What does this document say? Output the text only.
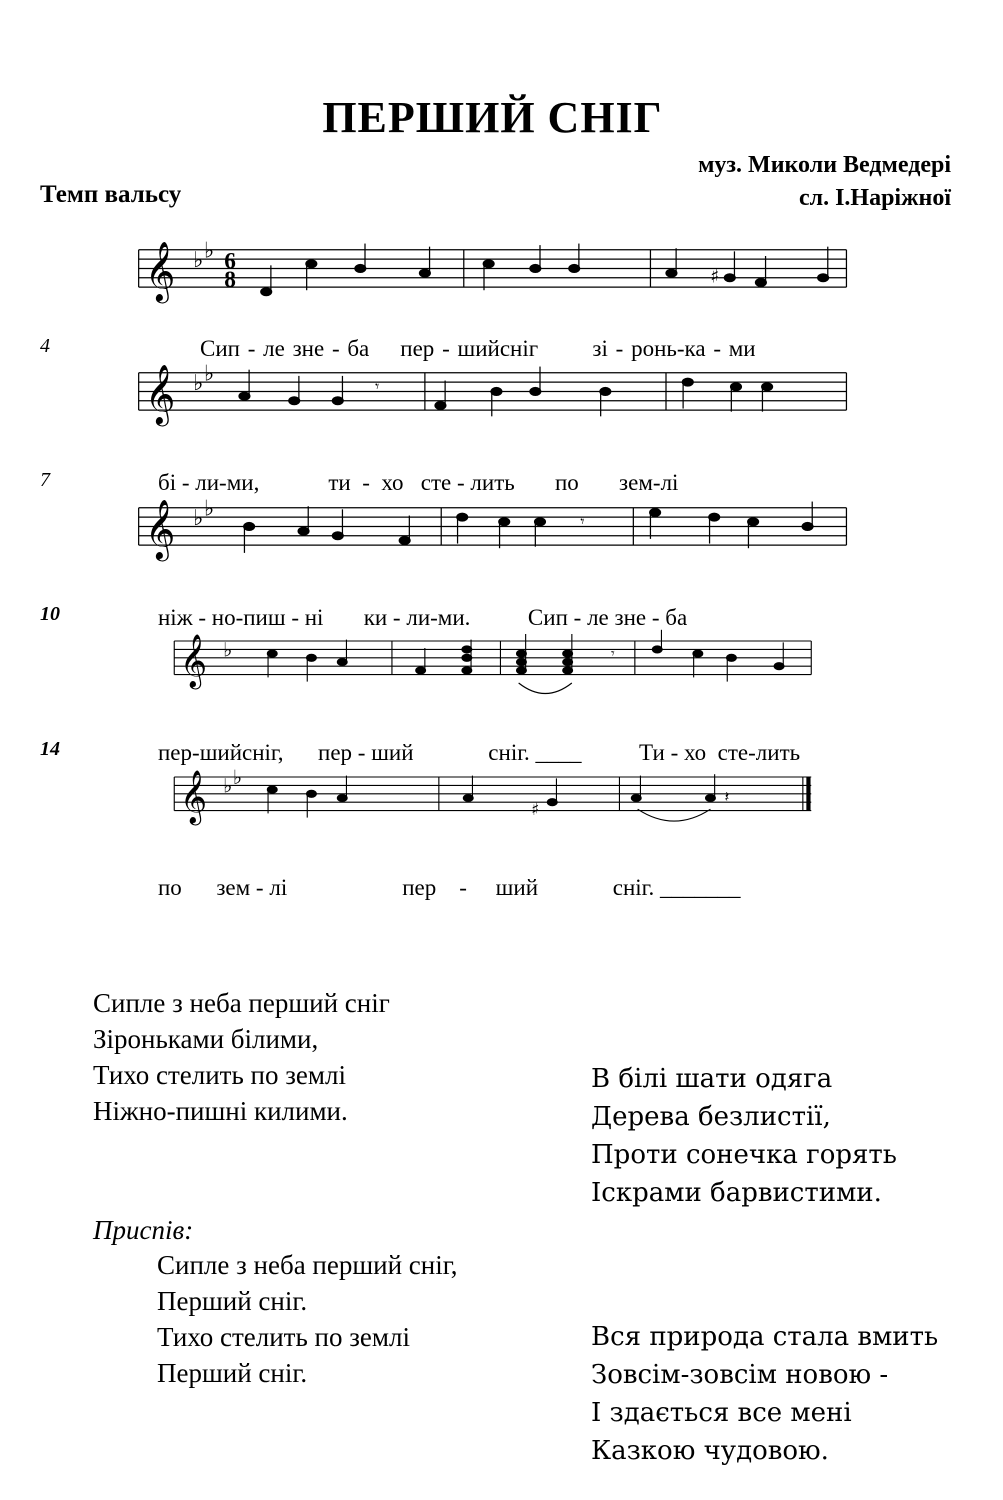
ПЕРШИЙ СНІГ
муз. Миколи Ведмедері
сл. І.Наріжної
Темп вальсу
𝄞 ♭ ♭ 6
8	♯
Сип - ле зне - ба пер - шийсніг зі - ронь-ка - ми
4
𝄞 ♭ ♭	𝄾
бі - ли-ми,	ти - хо сте - лить по зем-лі
7
𝄞 ♭ ♭	𝄾
ніж - но-пиш - ні ки - ли-ми.	Сип - ле зне - ба
10
𝄞 ♭	𝄾
пер-шийсніг, пер - ший	сніг. ____          Ти - хо сте-лить
14
𝄞 ♭ ♭
♯
𝄽
по зем - лі	пер - ший	сніг. _______
Сипле з неба перший сніг
Зіроньками білими,
Тихо стелить по землі
Ніжно-пишні килими.
Приспів:
Сипле з неба перший сніг,
Перший сніг.
Тихо стелить по землі
Перший сніг.
В білі шати одяга
Дерева безлистії,
Проти сонечка горять
Іскрами барвистими.
Вся природа стала вмить
Зовсім-зовсім новою -
І здається все мені
Казкою чудовою.
